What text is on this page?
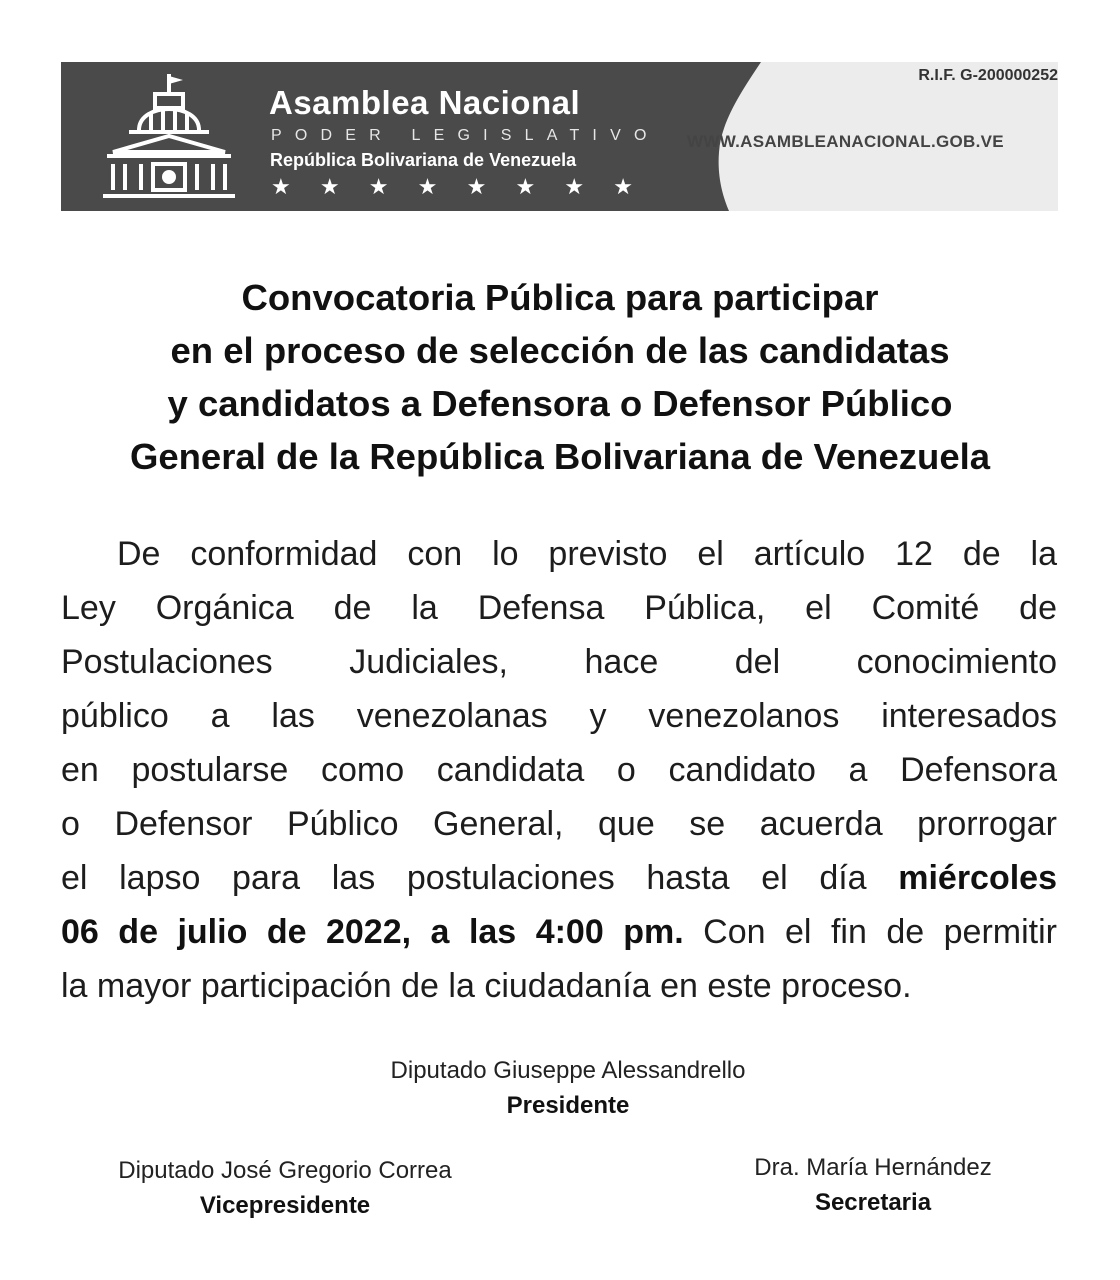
Asamblea Nacional
PODER LEGISLATIVO
República Bolivariana de Venezuela
★ ★ ★ ★ ★ ★ ★ ★
R.I.F. G-200000252
WWW.ASAMBLEANACIONAL.GOB.VE
Convocatoria Pública para participar
en el proceso de selección de las candidatas
y candidatos a Defensora o Defensor Público
General de la República Bolivariana de Venezuela
De conformidad con lo previsto el artículo 12 de la
Ley Orgánica de la Defensa Pública, el Comité de
Postulaciones Judiciales, hace del conocimiento
público a las venezolanas y venezolanos interesados
en postularse como candidata o candidato a Defensora
o Defensor Público General, que se acuerda prorrogar
el lapso para las postulaciones hasta el día miércoles
06 de julio de 2022, a las 4:00 pm. Con el fin de permitir
la mayor participación de la ciudadanía en este proceso.
Diputado Giuseppe Alessandrello
Presidente
Diputado José Gregorio Correa
Vicepresidente
Dra. María Hernández
Secretaria
